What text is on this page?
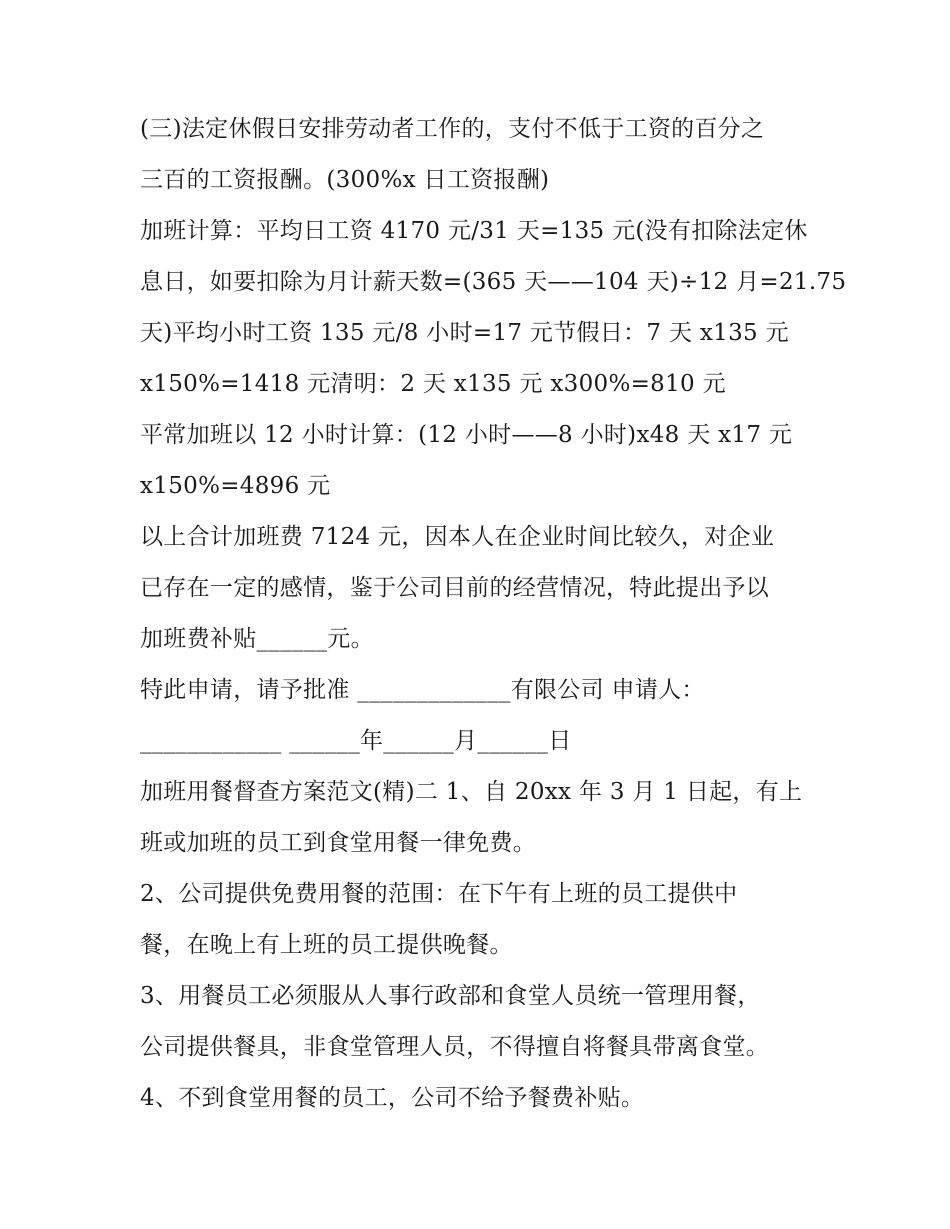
(三)法定休假日安排劳动者工作的，支付不低于工资的百分之
三百的工资报酬。(300%x 日工资报酬)
加班计算：平均日工资 4170 元/31 天=135 元(没有扣除法定休
息日，如要扣除为月计薪天数=(365 天——104 天)÷12 月=21.75
天)平均小时工资 135 元/8 小时=17 元节假日：7 天 x135 元
x150%=1418 元清明：2 天 x135 元 x300%=810 元
平常加班以 12 小时计算：(12 小时——8 小时)x48 天 x17 元
x150%=4896 元
以上合计加班费 7124 元，因本人在企业时间比较久，对企业
已存在一定的感情，鉴于公司目前的经营情况，特此提出予以
加班费补贴______元。
特此申请，请予批准 _____________有限公司 申请人：
____________ ______年______月______日
加班用餐督查方案范文(精)二 1、自 20xx 年 3 月 1 日起，有上
班或加班的员工到食堂用餐一律免费。
2、公司提供免费用餐的范围：在下午有上班的员工提供中
餐，在晚上有上班的员工提供晚餐。
3、用餐员工必须服从人事行政部和食堂人员统一管理用餐，
公司提供餐具，非食堂管理人员，不得擅自将餐具带离食堂。
4、不到食堂用餐的员工，公司不给予餐费补贴。
